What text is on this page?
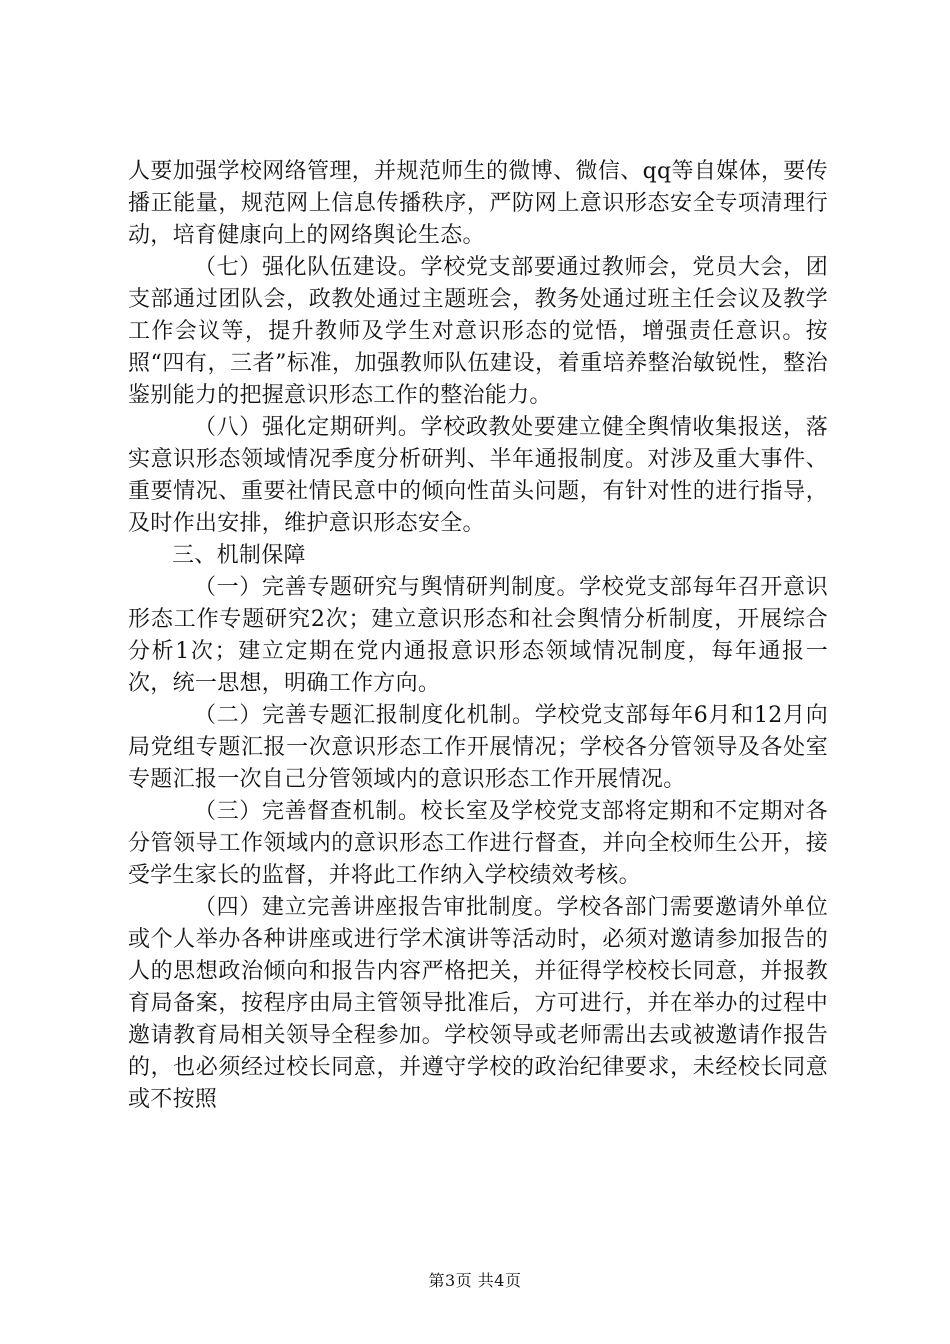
人要加强学校网络管理，并规范师生的微博、微信、qq等自媒体，要传播正能量，规范网上信息传播秩序，严防网上意识形态安全专项清理行动，培育健康向上的网络舆论生态。

（七）强化队伍建设。学校党支部要通过教师会，党员大会，团支部通过团队会，政教处通过主题班会，教务处通过班主任会议及教学工作会议等，提升教师及学生对意识形态的觉悟，增强责任意识。按照“四有，三者”标准，加强教师队伍建设，着重培养整治敏锐性，整治鉴别能力的把握意识形态工作的整治能力。

（八）强化定期研判。学校政教处要建立健全舆情收集报送，落实意识形态领域情况季度分析研判、半年通报制度。对涉及重大事件、重要情况、重要社情民意中的倾向性苗头问题，有针对性的进行指导，及时作出安排，维护意识形态安全。

三、机制保障

（一）完善专题研究与舆情研判制度。学校党支部每年召开意识形态工作专题研究2次；建立意识形态和社会舆情分析制度，开展综合分析1次；建立定期在党内通报意识形态领域情况制度，每年通报一次，统一思想，明确工作方向。

（二）完善专题汇报制度化机制。学校党支部每年6月和12月向局党组专题汇报一次意识形态工作开展情况；学校各分管领导及各处室专题汇报一次自己分管领域内的意识形态工作开展情况。

（三）完善督查机制。校长室及学校党支部将定期和不定期对各分管领导工作领域内的意识形态工作进行督查，并向全校师生公开，接受学生家长的监督，并将此工作纳入学校绩效考核。

（四）建立完善讲座报告审批制度。学校各部门需要邀请外单位或个人举办各种讲座或进行学术演讲等活动时，必须对邀请参加报告的人的思想政治倾向和报告内容严格把关，并征得学校校长同意，并报教育局备案，按程序由局主管领导批准后，方可进行，并在举办的过程中邀请教育局相关领导全程参加。学校领导或老师需出去或被邀请作报告的，也必须经过校长同意，并遵守学校的政治纪律要求，未经校长同意或不按照

第3页 共4页
